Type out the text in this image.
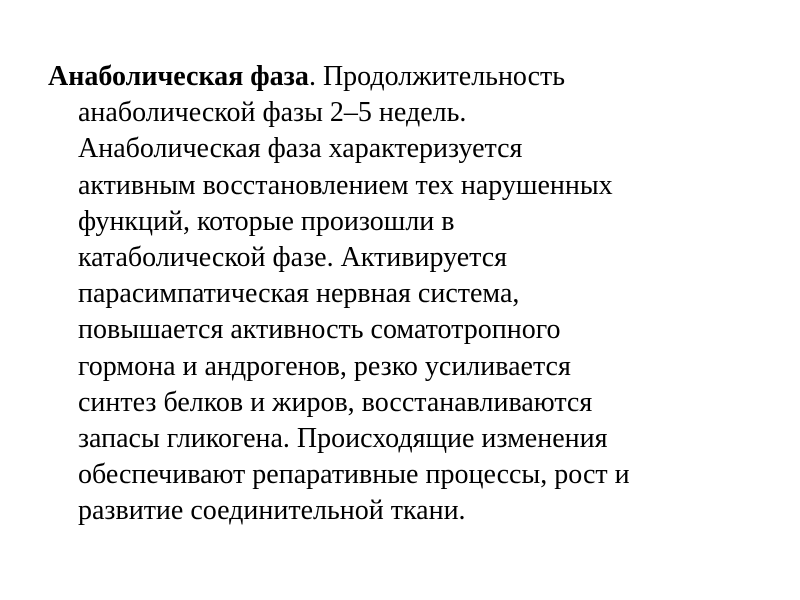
Анаболическая фаза. Продолжительность
анаболической фазы 2–5 недель.
Анаболическая фаза характеризуется
активным восстановлением тех нарушенных
функций, которые произошли в
катаболической фазе. Активируется
парасимпатическая нервная система,
повышается активность соматотропного
гормона и андрогенов, резко усиливается
синтез белков и жиров, восстанавливаются
запасы гликогена. Происходящие изменения
обеспечивают репаративные процессы, рост и
развитие соединительной ткани.
